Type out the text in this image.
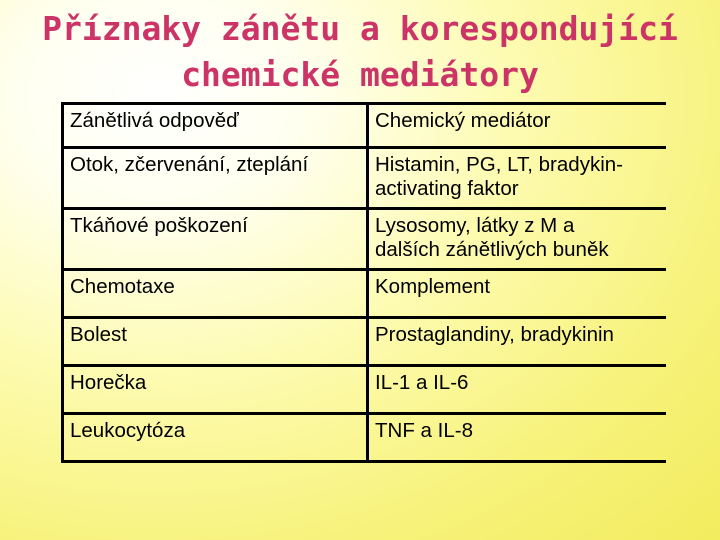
Příznaky zánětu a korespondující
chemické mediátory
Zánětlivá odpověď	Chemický mediátor
Otok, zčervenání, zteplání	Histamin, PG, LT, bradykin-
activating faktor

Tkáňové poškození	Lysosomy, látky z M a
dalších zánětlivých buněk

Chemotaxe	Komplement
Bolest	Prostaglandiny, bradykinin
Horečka	IL-1 a IL-6
Leukocytóza	TNF a IL-8
